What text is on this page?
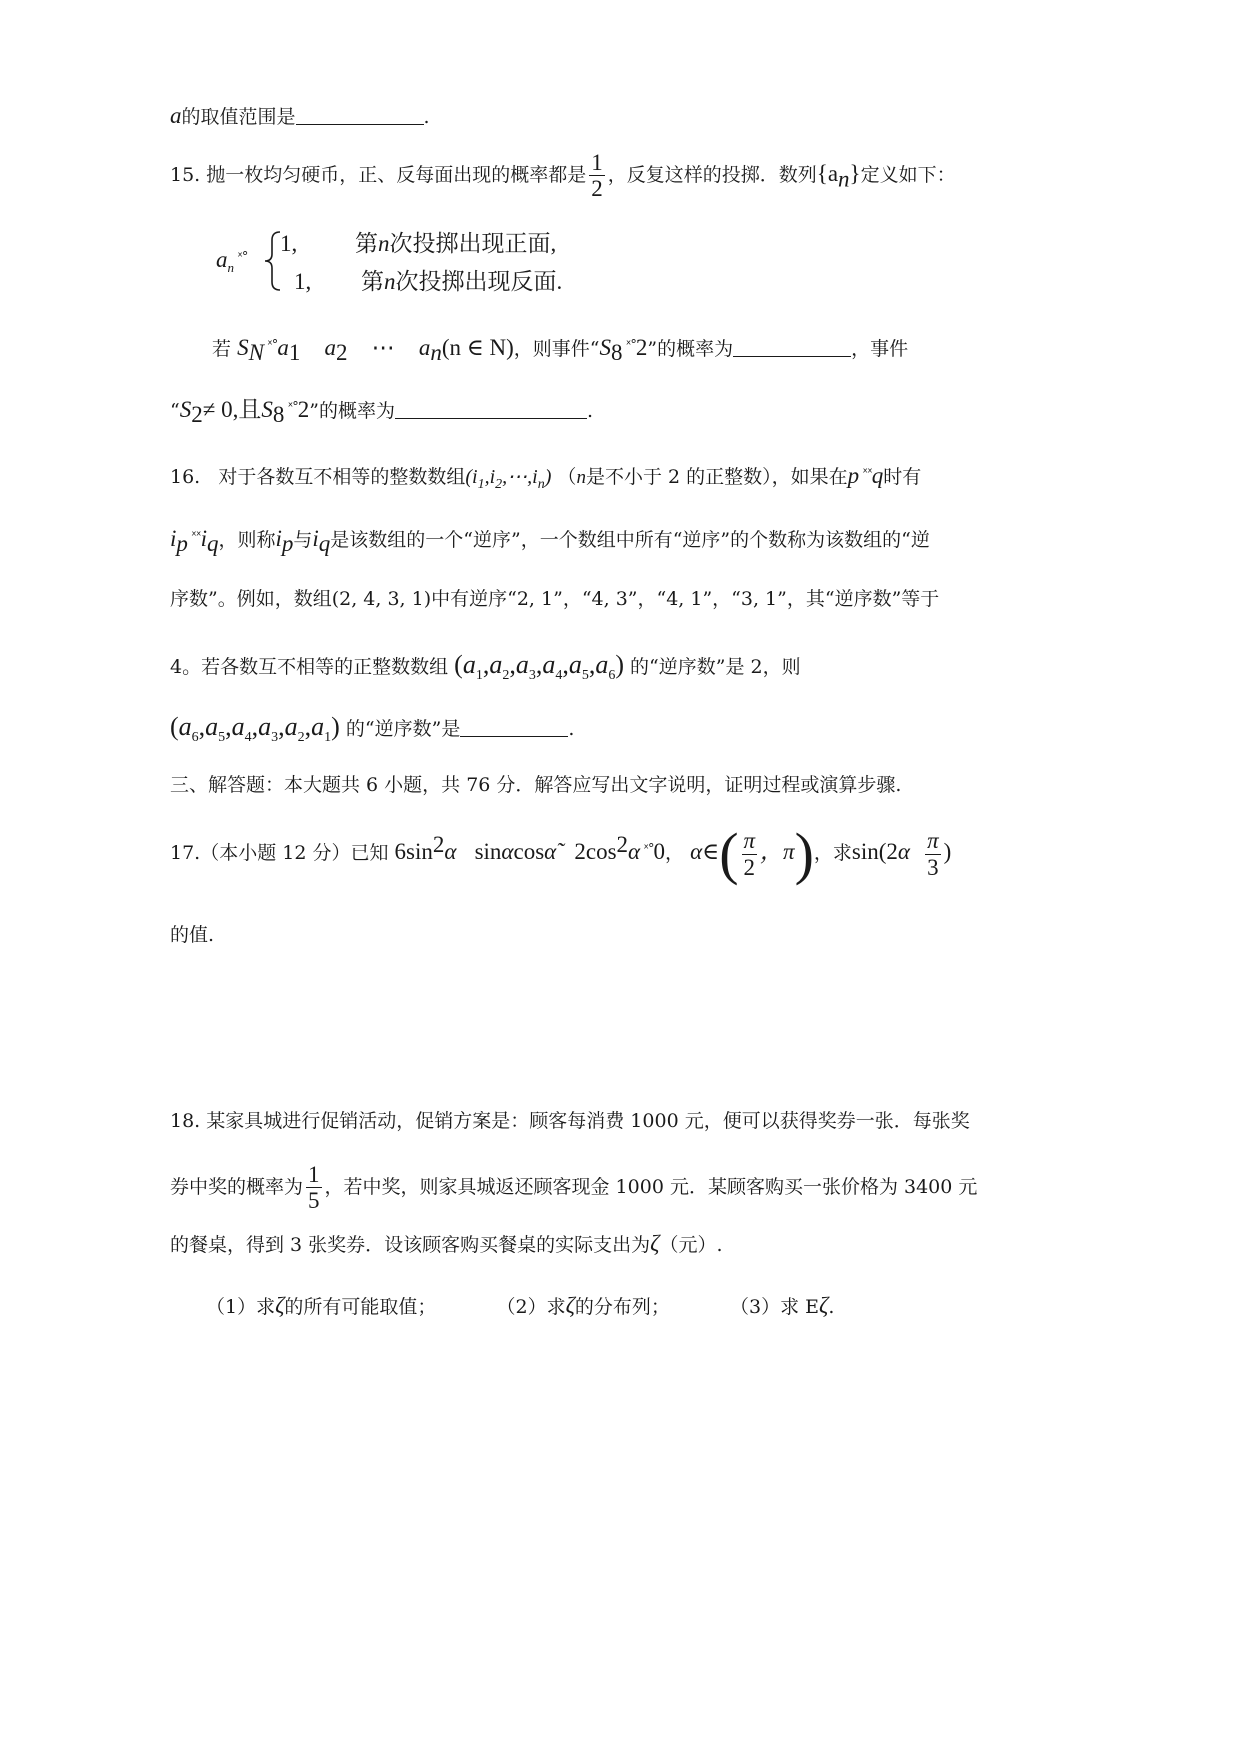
a的取值范围是	.
15. 抛一枚均匀硬币，正、反每面出现的概率都是 $\frac{1}{2}$ ，反复这样的投掷．数列$\{a_n\}$定义如下：
$a_n$ $^{ˣ^\circ}$
1,	第n次投掷出现正面,
1, 第n次投掷出现反面.
若 $S_N$ $^{ˣ^\circ}a_1$ $a_2$ ⋯ $a_n(n$ ∈ N)，则事件“$S_8$ $^{ˣ^\circ}$2”的概率为	，事件
“$S_2\ne 0$,且$S_8$ $^{ˣ^\circ}$2”的概率为	.
16. 对于各数互不相等的整数数组$(i_1,i_2,\cdots,i_n)$ （n是不小于 2 的正整数），如果在p $^{ˣˣ}$q时有
$i_p$ $^{ˣˣ}i_q$，则称$i_p$与$i_q$是该数组的一个“逆序”，一个数组中所有“逆序”的个数称为该数组的“逆
序数”。例如，数组(2, 4, 3, 1)中有逆序“2, 1”，“4, 3”，“4, 1”，“3, 1”，其“逆序数”等于
4。若各数互不相等的正整数数组 $(a_1,a_2,a_3,a_4,a_5,a_6)$ 的“逆序数”是 2，则
$(a_6,a_5,a_4,a_3,a_2,a_1)$ 的“逆序数”是	.
三、解答题：本大题共 6 小题，共 76 分．解答应写出文字说明，证明过程或演算步骤.
17.（本小题 12 分）已知 $6\sin^2\alpha$ sinαcosα̃ $2\cos^2\alpha$ $^{ˣ^\circ}$0， α∈( $\frac{\pi}{2}$ ，π)，求$\sin(2\alpha \frac{\pi}{3}$ )
的值.
18. 某家具城进行促销活动，促销方案是：顾客每消费 1000 元，便可以获得奖券一张．每张奖
券中奖的概率为 $\frac{1}{5}$ ，若中奖，则家具城返还顾客现金 1000 元．某顾客购买一张价格为 3400 元
的餐桌，得到 3 张奖券．设该顾客购买餐桌的实际支出为ζ（元）.
（1）求ζ的所有可能取值；	（2）求ζ的分布列；	（3）求 Eζ.
